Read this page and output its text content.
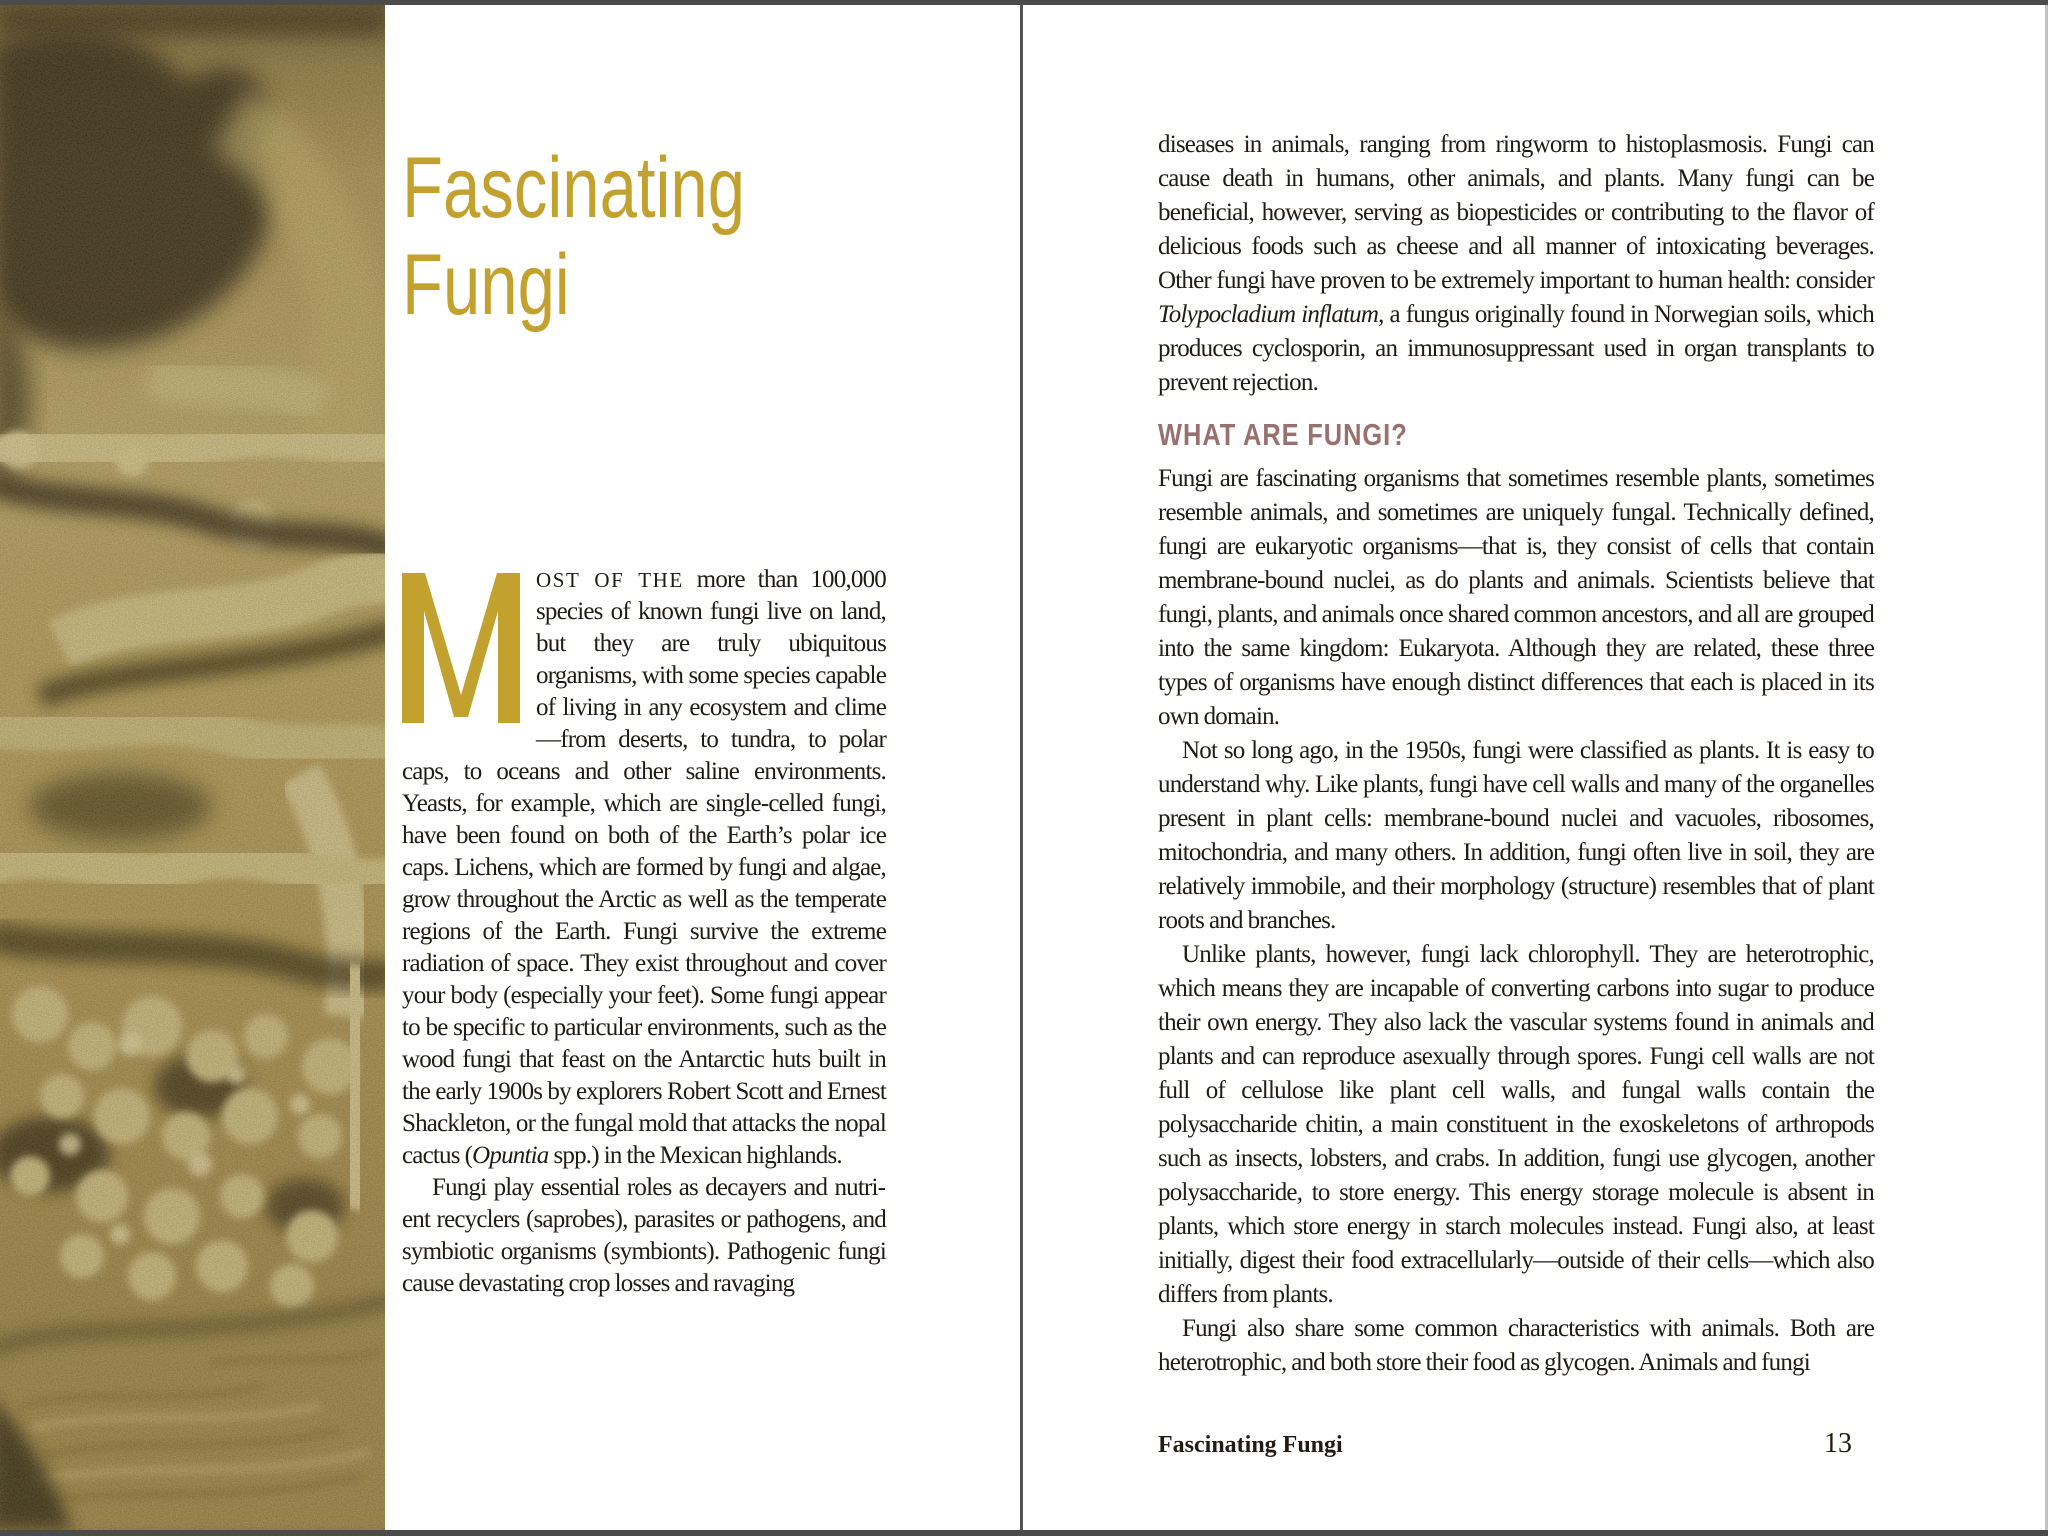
Fascinating
Fungi

OST OF THE more than 100,000 species of known fungi live on land, but they are truly ubiquitous organisms, with some species capable of living in any ecosystem and clime—from deserts, to tundra, to polar caps, to oceans and other saline environments. Yeasts, for example, which are single-celled fungi, have been found on both of the Earth’s polar ice caps. Lichens, which are formed by fungi and algae, grow throughout the Arctic as well as the temperate regions of the Earth. Fungi survive the extreme radiation of space. They exist throughout and cover your body (especially your feet). Some fungi appear to be specific to particular environments, such as the wood fungi that feast on the Antarctic huts built in the early 1900s by explorers Robert Scott and Ernest Shackleton, or the fungal mold that attacks the nopal cactus (Opuntia spp.) in the Mexican highlands.

Fungi play essential roles as decayers and nutrient recyclers (saprobes), parasites or pathogens, and symbiotic organisms (symbionts). Pathogenic fungi cause devastating crop losses and ravaging

diseases in animals, ranging from ringworm to histoplasmosis. Fungi can cause death in humans, other animals, and plants. Many fungi can be beneficial, however, serving as biopesticides or contributing to the flavor of delicious foods such as cheese and all manner of intoxicating beverages. Other fungi have proven to be extremely important to human health: consider Tolypocladium inflatum, a fungus originally found in Norwegian soils, which produces cyclosporin, an immunosuppressant used in organ transplants to prevent rejection.

WHAT ARE FUNGI?

Fungi are fascinating organisms that sometimes resemble plants, sometimes resemble animals, and sometimes are uniquely fungal. Technically defined, fungi are eukaryotic organisms—that is, they consist of cells that contain membrane-bound nuclei, as do plants and animals. Scientists believe that fungi, plants, and animals once shared common ancestors, and all are grouped into the same kingdom: Eukaryota. Although they are related, these three types of organisms have enough distinct differences that each is placed in its own domain.

Not so long ago, in the 1950s, fungi were classified as plants. It is easy to understand why. Like plants, fungi have cell walls and many of the organelles present in plant cells: membrane-bound nuclei and vacuoles, ribosomes, mitochondria, and many others. In addition, fungi often live in soil, they are relatively immobile, and their morphology (structure) resembles that of plant roots and branches.

Unlike plants, however, fungi lack chlorophyll. They are heterotrophic, which means they are incapable of converting carbons into sugar to produce their own energy. They also lack the vascular systems found in animals and plants and can reproduce asexually through spores. Fungi cell walls are not full of cellulose like plant cell walls, and fungal walls contain the polysaccharide chitin, a main constituent in the exoskeletons of arthropods such as insects, lobsters, and crabs. In addition, fungi use glycogen, another polysaccharide, to store energy. This energy storage molecule is absent in plants, which store energy in starch molecules instead. Fungi also, at least initially, digest their food extracellularly—outside of their cells—which also differs from plants.

Fungi also share some common characteristics with animals. Both are heterotrophic, and both store their food as glycogen. Animals and fungi

Fascinating Fungi	13
